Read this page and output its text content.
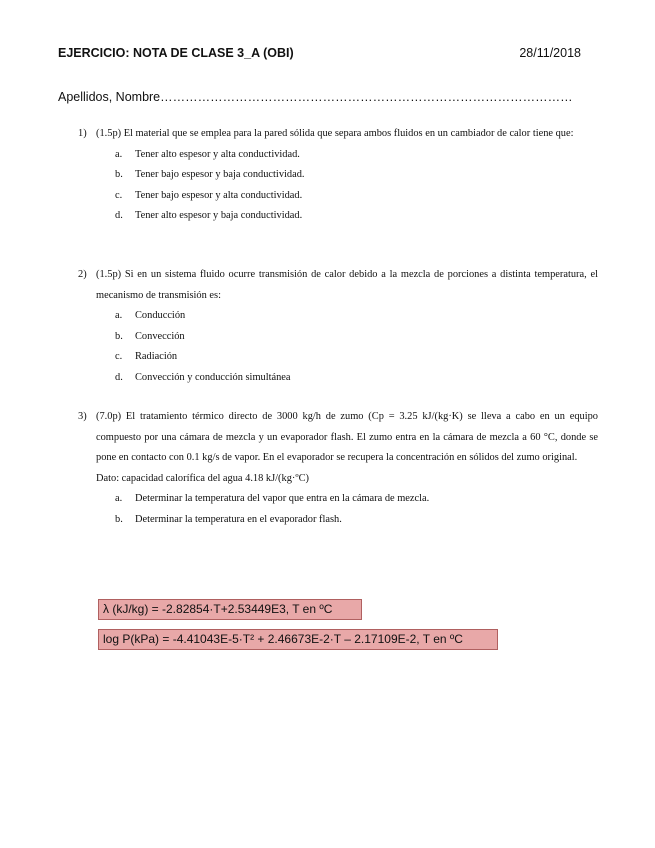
EJERCICIO: NOTA DE CLASE 3_A (OBI)	28/11/2018
Apellidos, Nombre………………………………………………………………………………………
1) (1.5p) El material que se emplea para la pared sólida que separa ambos fluidos en un cambiador de calor tiene que:
a. Tener alto espesor y alta conductividad.
b. Tener bajo espesor y baja conductividad.
c. Tener bajo espesor y alta conductividad.
d. Tener alto espesor y baja conductividad.
2) (1.5p) Si en un sistema fluido ocurre transmisión de calor debido a la mezcla de porciones a distinta temperatura, el mecanismo de transmisión es:
a. Conducción
b. Convección
c. Radiación
d. Convección y conducción simultánea
3) (7.0p) El tratamiento térmico directo de 3000 kg/h de zumo (Cp = 3.25 kJ/(kg·K) se lleva a cabo en un equipo compuesto por una cámara de mezcla y un evaporador flash. El zumo entra en la cámara de mezcla a 60 °C, donde se pone en contacto con 0.1 kg/s de vapor. En el evaporador se recupera la concentración en sólidos del zumo original.
Dato: capacidad calorífica del agua 4.18 kJ/(kg·ºC)
a. Determinar la temperatura del vapor que entra en la cámara de mezcla.
b. Determinar la temperatura en el evaporador flash.
λ (kJ/kg) = -2.82854·T+2.53449E3, T en ºC
log P(kPa) = -4.41043E-5·T² + 2.46673E-2·T – 2.17109E-2, T en ºC
